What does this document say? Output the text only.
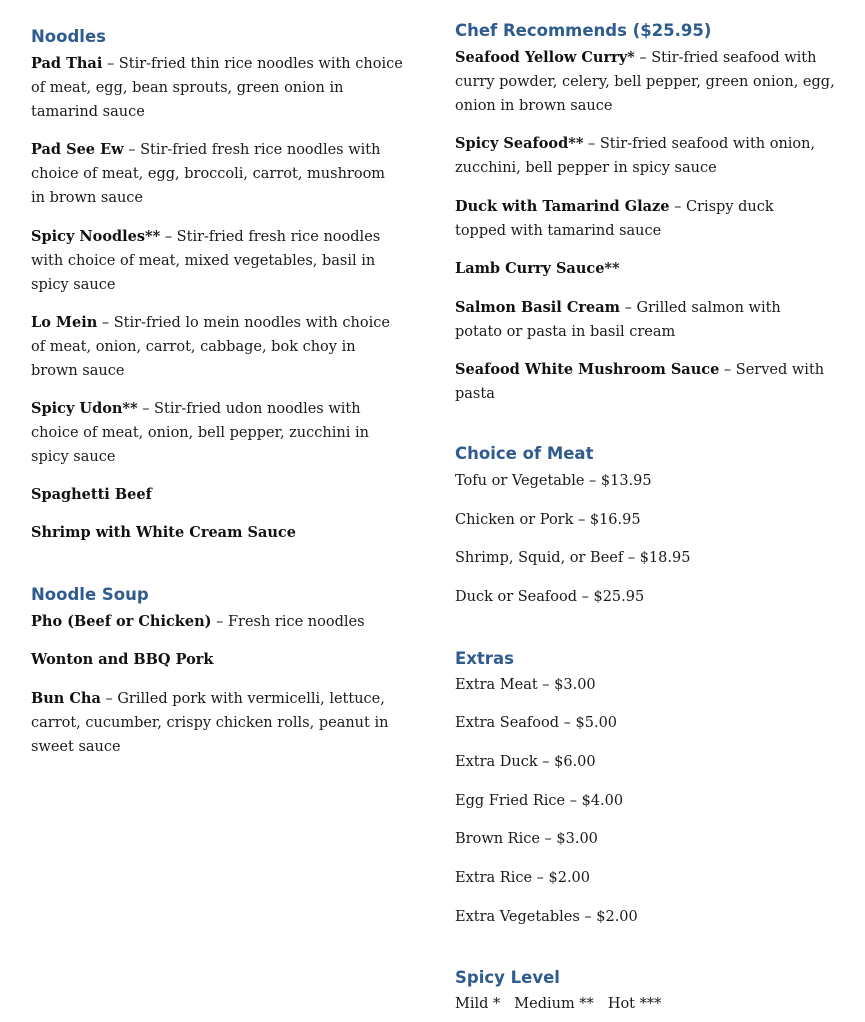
Noodles
Pad Thai – Stir-fried thin rice noodles with choice of meat, egg, bean sprouts, green onion in tamarind sauce
Pad See Ew – Stir-fried fresh rice noodles with choice of meat, egg, broccoli, carrot, mushroom in brown sauce
Spicy Noodles** – Stir-fried fresh rice noodles with choice of meat, mixed vegetables, basil in spicy sauce
Lo Mein – Stir-fried lo mein noodles with choice of meat, onion, carrot, cabbage, bok choy in brown sauce
Spicy Udon** – Stir-fried udon noodles with choice of meat, onion, bell pepper, zucchini in spicy sauce
Spaghetti Beef
Shrimp with White Cream Sauce
Noodle Soup
Pho (Beef or Chicken) – Fresh rice noodles
Wonton and BBQ Pork
Bun Cha – Grilled pork with vermicelli, lettuce, carrot, cucumber, crispy chicken rolls, peanut in sweet sauce
Chef Recommends ($25.95)
Seafood Yellow Curry* – Stir-fried seafood with curry powder, celery, bell pepper, green onion, egg, onion in brown sauce
Spicy Seafood** – Stir-fried seafood with onion, zucchini, bell pepper in spicy sauce
Duck with Tamarind Glaze – Crispy duck topped with tamarind sauce
Lamb Curry Sauce**
Salmon Basil Cream – Grilled salmon with potato or pasta in basil cream
Seafood White Mushroom Sauce – Served with pasta
Choice of Meat
Tofu or Vegetable – $13.95
Chicken or Pork – $16.95
Shrimp, Squid, or Beef – $18.95
Duck or Seafood – $25.95
Extras
Extra Meat – $3.00
Extra Seafood – $5.00
Extra Duck – $6.00
Egg Fried Rice – $4.00
Brown Rice – $3.00
Extra Rice – $2.00
Extra Vegetables – $2.00
Spicy Level
Mild * Medium ** Hot ***
